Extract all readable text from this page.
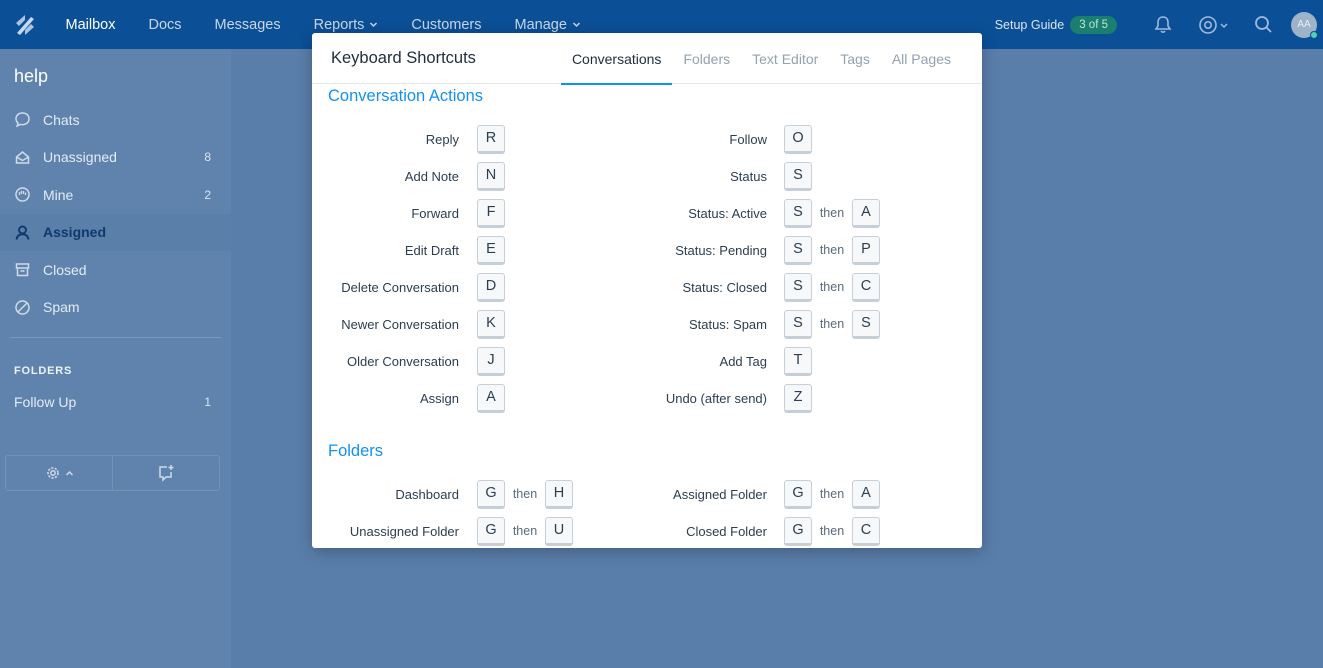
Mailbox Docs Messages Reports	Customers Manage	Setup Guide	3 of 5	AA
help
Chats
Unassigned	8
Mine	2
Assigned
Closed
Spam
FOLDERS
Follow Up	1
Keyboard Shortcuts	Conversations	Folders	Text Editor	Tags	All Pages
Conversation Actions
Reply	R
Add Note	N
Forward	F
Edit Draft	E
Delete Conversation	D
Newer Conversation	K
Older Conversation	J
Assign	A
Follow	O
Status	S
Status: Active	S	then	A
Status: Pending	S	then	P
Status: Closed	S	then	C
Status: Spam	S	then	S
Add Tag	T
Undo (after send)	Z
Folders
Dashboard	G	then	H
Unassigned Folder	G	then	U
Assigned Folder	G	then	A
Closed Folder	G	then	C
